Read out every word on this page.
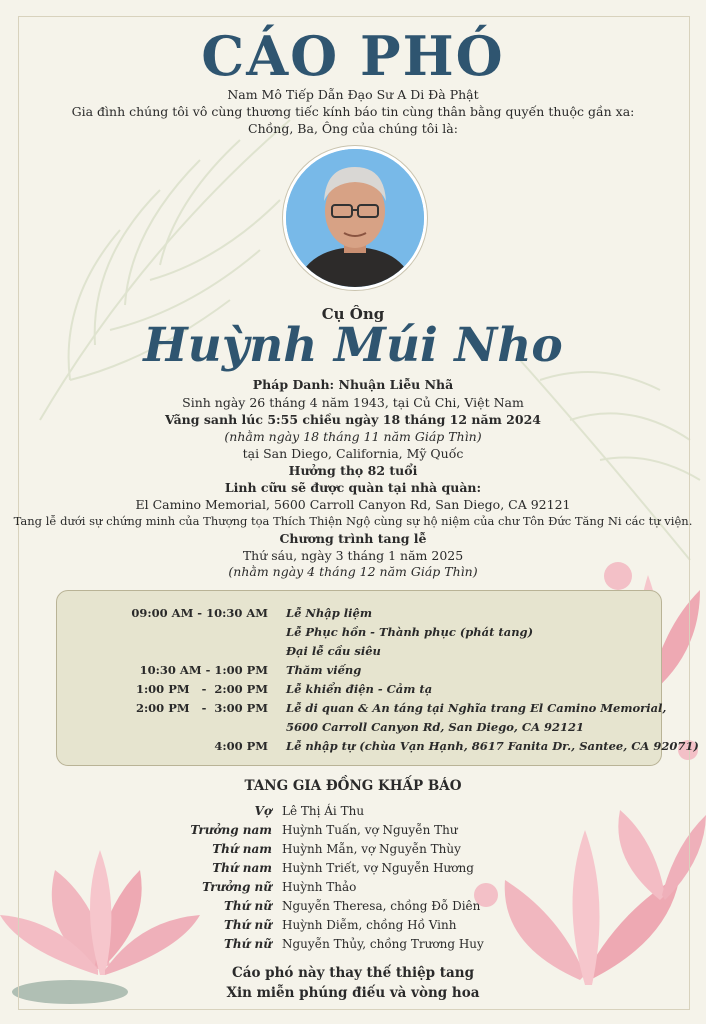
CÁO PHÓ
Nam Mô Tiếp Dẫn Đạo Sư A Di Đà Phật
Gia đình chúng tôi vô cùng thương tiếc kính báo tin cùng thân bằng quyến thuộc gần xa:
Chồng, Ba, Ông của chúng tôi là:
Cụ Ông
Huỳnh Múi Nho
Pháp Danh: Nhuận Liễu Nhã
Sinh ngày 26 tháng 4 năm 1943, tại Củ Chi, Việt Nam
Vãng sanh lúc 5:55 chiều ngày 18 tháng 12 năm 2024
(nhằm ngày 18 tháng 11 năm Giáp Thìn)
tại San Diego, California, Mỹ Quốc
Hưởng thọ 82 tuổi
Linh cữu sẽ được quàn tại nhà quàn:
El Camino Memorial, 5600 Carroll Canyon Rd, San Diego, CA 92121
Tang lễ dưới sự chứng minh của Thượng tọa Thích Thiện Ngộ cùng sự hộ niệm của chư Tôn Đức Tăng Ni các tự viện.
Chương trình tang lễ
Thứ sáu, ngày 3 tháng 1 năm 2025
(nhằm ngày 4 tháng 12 năm Giáp Thìn)
09:00 AM - 10:30 AM Lễ Nhập liệm
Lễ Phục hồn - Thành phục (phát tang)
Đại lễ cầu siêu
10:30 AM - 1:00 PM Thăm viếng
1:00 PM   -  2:00 PM Lễ khiển điện - Cảm tạ
2:00 PM   -  3:00 PM Lễ di quan & An táng tại Nghĩa trang El Camino Memorial,
5600 Carroll Canyon Rd, San Diego, CA 92121
4:00 PM Lễ nhập tự (chùa Vạn Hạnh, 8617 Fanita Dr., Santee, CA 92071)
TANG GIA ĐỒNG KHẤP BÁO
Vợ Lê Thị Ái Thu
Trưởng nam Huỳnh Tuấn, vợ Nguyễn Thư
Thứ nam Huỳnh Mẫn, vợ Nguyễn Thùy
Thứ nam Huỳnh Triết, vợ Nguyễn Hương
Trưởng nữ Huỳnh Thảo
Thứ nữ Nguyễn Theresa, chồng Đỗ Diên
Thứ nữ Huỳnh Diễm, chồng Hồ Vinh
Thứ nữ Nguyễn Thủy, chồng Trương Huy
Cáo phó này thay thế thiệp tang
Xin miễn phúng điếu và vòng hoa
